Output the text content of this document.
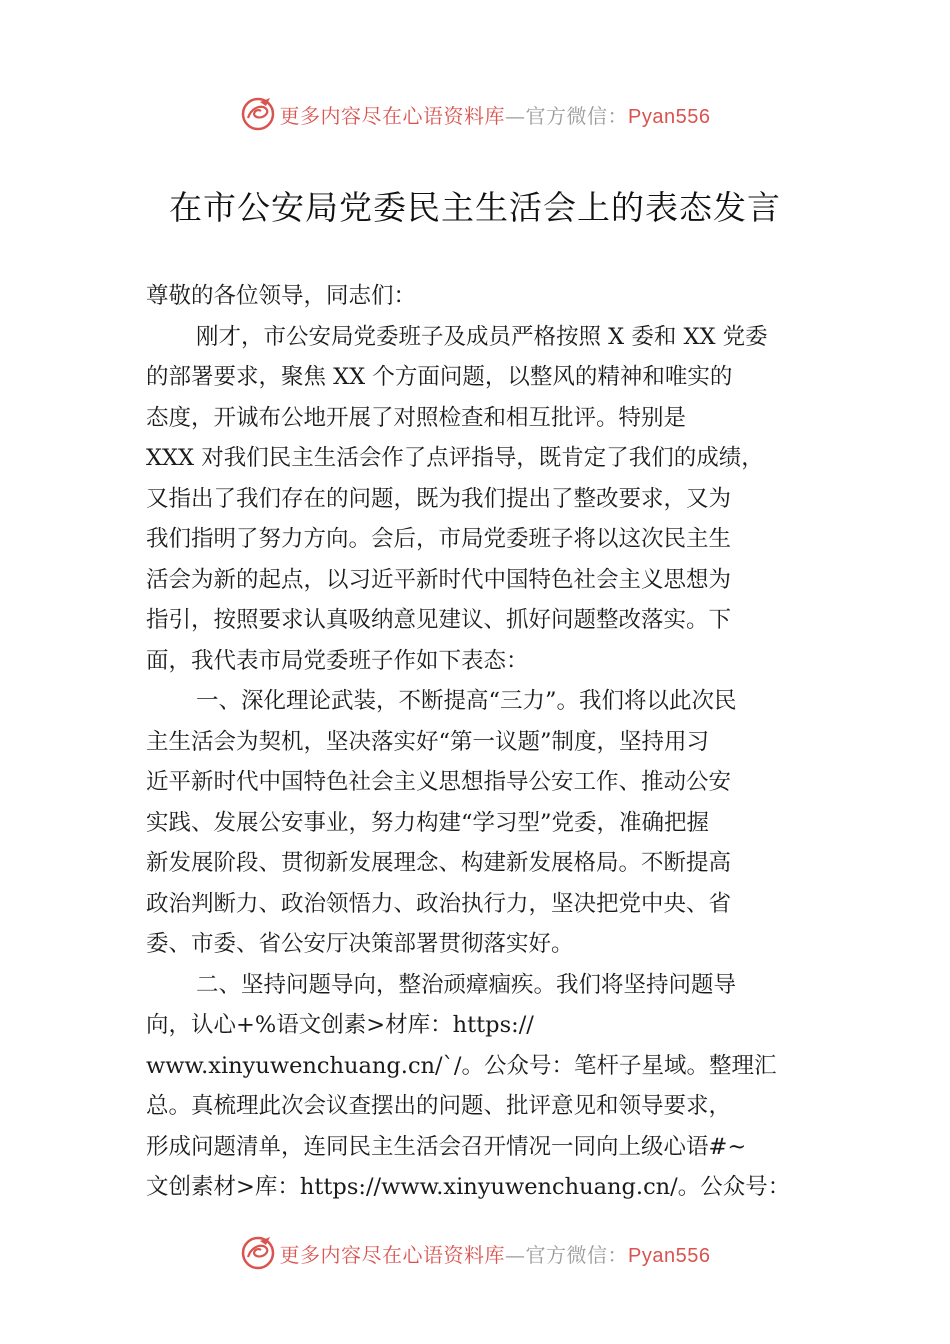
更多内容尽在心语资料库—官方微信：Pyan556
在市公安局党委民主生活会上的表态发言
尊敬的各位领导，同志们：
刚才，市公安局党委班子及成员严格按照 X 委和 XX 党委
的部署要求，聚焦 XX 个方面问题，以整风的精神和唯实的
态度，开诚布公地开展了对照检查和相互批评。特别是
XXX 对我们民主生活会作了点评指导，既肯定了我们的成绩，
又指出了我们存在的问题，既为我们提出了整改要求，又为
我们指明了努力方向。会后，市局党委班子将以这次民主生
活会为新的起点，以习近平新时代中国特色社会主义思想为
指引，按照要求认真吸纳意见建议、抓好问题整改落实。下
面，我代表市局党委班子作如下表态：
一、深化理论武装，不断提高“三力”。我们将以此次民
主生活会为契机，坚决落实好“第一议题”制度，坚持用习
近平新时代中国特色社会主义思想指导公安工作、推动公安
实践、发展公安事业，努力构建“学习型”党委，准确把握
新发展阶段、贯彻新发展理念、构建新发展格局。不断提高
政治判断力、政治领悟力、政治执行力，坚决把党中央、省
委、市委、省公安厅决策部署贯彻落实好。
二、坚持问题导向，整治顽瘴痼疾。我们将坚持问题导
向，认心+%语文创素>材库：https://
www.xinyuwenchuang.cn/`/。公众号：笔杆子星域。整理汇
总。真梳理此次会议查摆出的问题、批评意见和领导要求，
形成问题清单，连同民主生活会召开情况一同向上级心语#~
文创素材>库：https://www.xinyuwenchuang.cn/。公众号：
更多内容尽在心语资料库—官方微信：Pyan556
